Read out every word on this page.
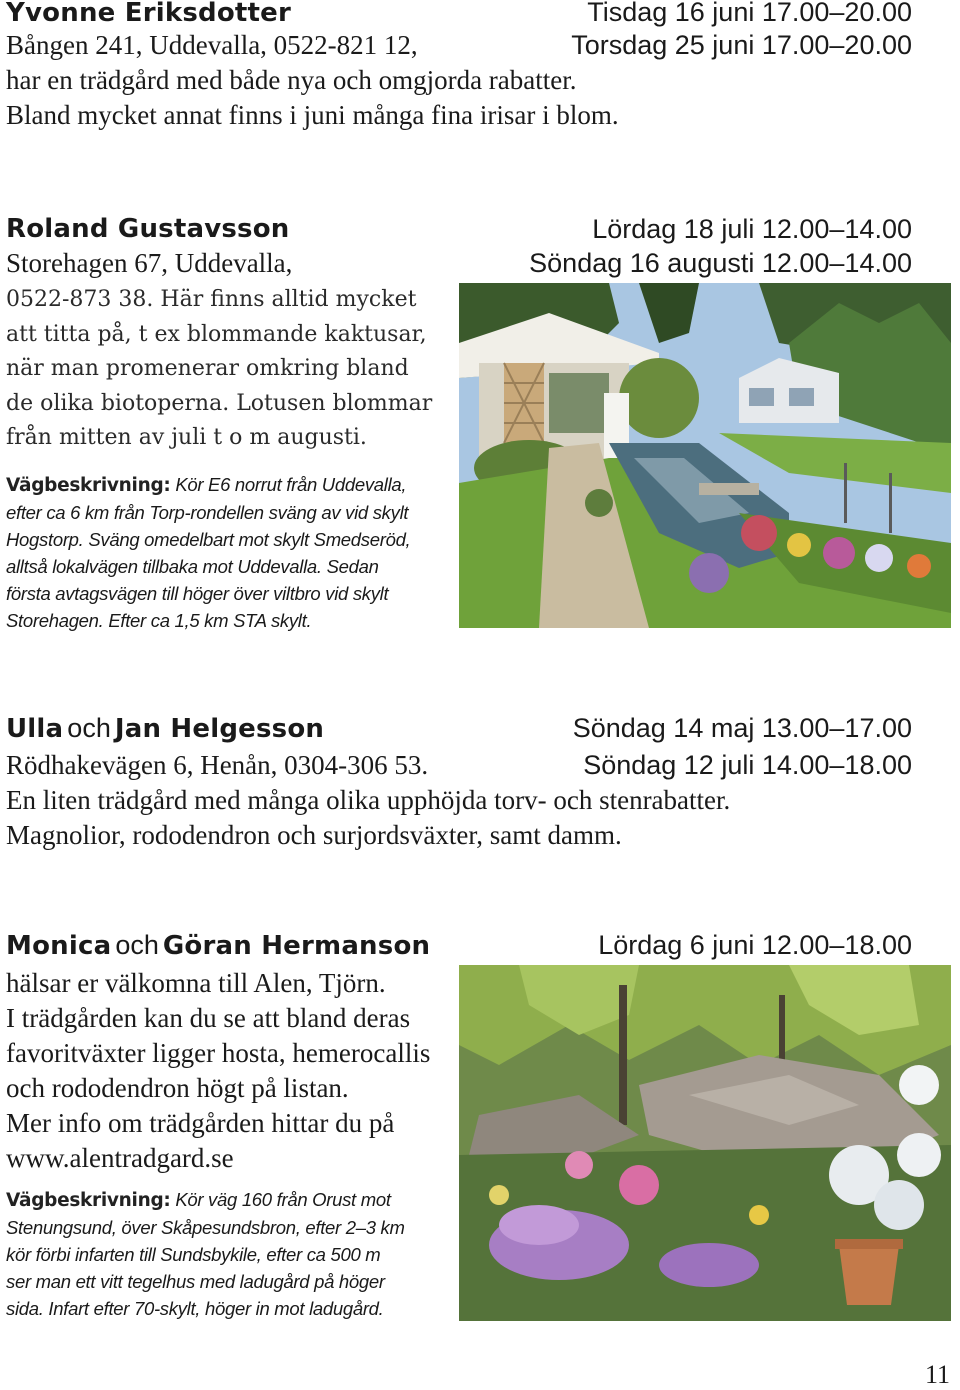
Yvonne Eriksdotter	Tisdag 16 juni 17.00–20.00
Bången 241, Uddevalla, 0522-821 12,	Torsdag 25 juni 17.00–20.00
har en trädgård med både nya och omgjorda rabatter.
Bland mycket annat finns i juni många fina irisar i blom.
Roland Gustavsson	Lördag 18 juli 12.00–14.00
Storehagen 67, Uddevalla,	Söndag 16 augusti 12.00–14.00
0522-873 38. Här finns alltid mycket
att titta på, t ex blommande kaktusar,
när man promenerar omkring bland
de olika biotoperna. Lotusen blommar
från mitten av juli t o m augusti.
Vägbeskrivning: Kör E6 norrut från Uddevalla,
efter ca 6 km från Torp-rondellen sväng av vid skylt
Hogstorp. Sväng omedelbart mot skylt Smedseröd,
alltså lokalvägen tillbaka mot Uddevalla. Sedan
första avtagsvägen till höger över viltbro vid skylt
Storehagen. Efter ca 1,5 km STA skylt.
Ulla och Jan Helgesson	Söndag 14 maj 13.00–17.00
Rödhakevägen 6, Henån, 0304-306 53.	Söndag 12 juli 14.00–18.00
En liten trädgård med många olika upphöjda torv- och stenrabatter.
Magnolior, rododendron och surjordsväxter, samt damm.
Monica och Göran Hermanson	Lördag 6 juni 12.00–18.00
hälsar er välkomna till Alen, Tjörn.
I trädgården kan du se att bland deras
favoritväxter ligger hosta, hemerocallis
och rododendron högt på listan.
Mer info om trädgården hittar du på
www.alentradgard.se
Vägbeskrivning: Kör väg 160 från Orust mot
Stenungsund, över Skåpesundsbron, efter 2–3 km
kör förbi infarten till Sundsbykile, efter ca 500 m
ser man ett vitt tegelhus med ladugård på höger
sida. Infart efter 70-skylt, höger in mot ladugård.
11
